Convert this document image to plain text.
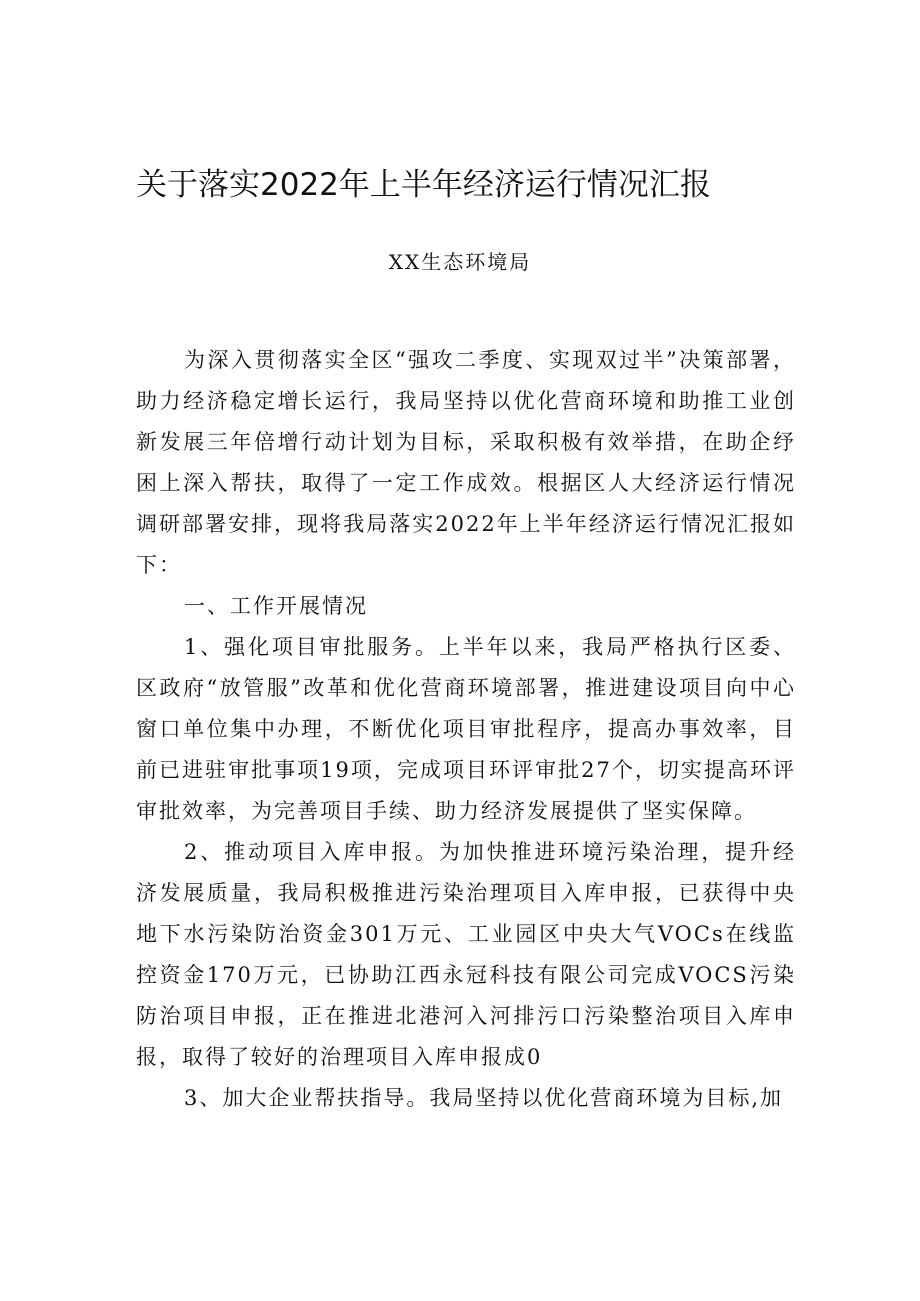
关于落实2022年上半年经济运行情况汇报
XX生态环境局

为深入贯彻落实全区“强攻二季度、实现双过半”决策部署，助力经济稳定增长运行，我局坚持以优化营商环境和助推工业创新发展三年倍增行动计划为目标，采取积极有效举措，在助企纾困上深入帮扶，取得了一定工作成效。根据区人大经济运行情况调研部署安排，现将我局落实2022年上半年经济运行情况汇报如下：

一、工作开展情况

1、强化项目审批服务。上半年以来，我局严格执行区委、区政府“放管服”改革和优化营商环境部署，推进建设项目向中心窗口单位集中办理，不断优化项目审批程序，提高办事效率，目前已进驻审批事项19项，完成项目环评审批27个，切实提高环评审批效率，为完善项目手续、助力经济发展提供了坚实保障。

2、推动项目入库申报。为加快推进环境污染治理，提升经济发展质量，我局积极推进污染治理项目入库申报，已获得中央地下水污染防治资金301万元、工业园区中央大气VOCs在线监控资金170万元，已协助江西永冠科技有限公司完成VOCS污染防治项目申报，正在推进北港河入河排污口污染整治项目入库申报，取得了较好的治理项目入库申报成0

3、加大企业帮扶指导。我局坚持以优化营商环境为目标,加
